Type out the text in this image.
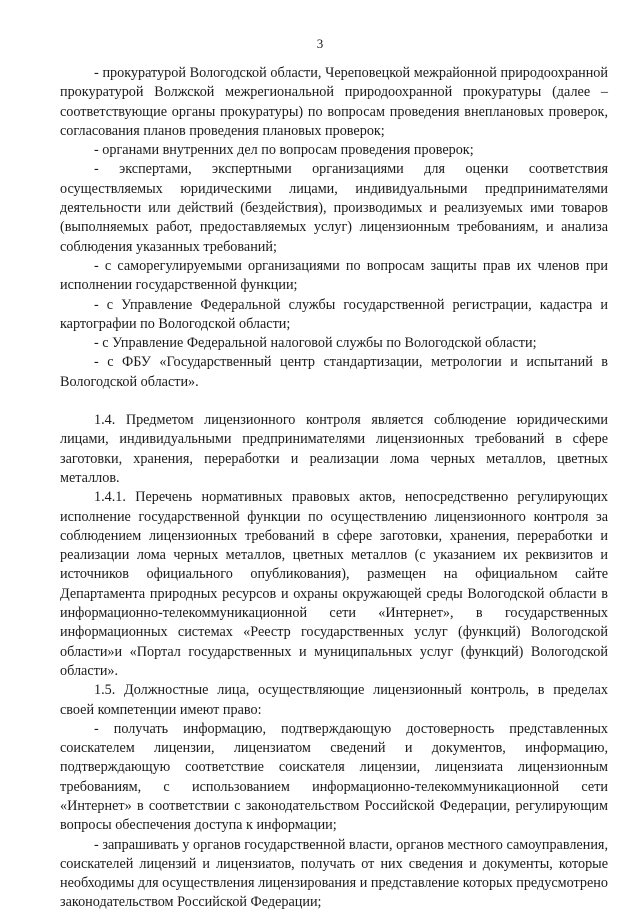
3

- прокуратурой Вологодской области, Череповецкой межрайонной природоохранной прокуратурой Волжской межрегиональной природоохранной прокуратуры (далее – соответствующие органы прокуратуры) по вопросам проведения внеплановых проверок, согласования планов проведения плановых проверок;

- органами внутренних дел по вопросам проведения проверок;

- экспертами, экспертными организациями для оценки соответствия осуществляемых юридическими лицами, индивидуальными предпринимателями деятельности или действий (бездействия), производимых и реализуемых ими товаров (выполняемых работ, предоставляемых услуг) лицензионным требованиям, и анализа соблюдения указанных требований;

- с саморегулируемыми организациями по вопросам защиты прав их членов при исполнении государственной функции;

- с Управление Федеральной службы государственной регистрации, кадастра и картографии по Вологодской области;

- с Управление Федеральной налоговой службы по Вологодской области;

- с ФБУ «Государственный центр стандартизации, метрологии и испытаний в Вологодской области».

1.4. Предметом лицензионного контроля является соблюдение юридическими лицами, индивидуальными предпринимателями лицензионных требований в сфере заготовки, хранения, переработки и реализации лома черных металлов, цветных металлов.

1.4.1. Перечень нормативных правовых актов, непосредственно регулирующих исполнение государственной функции по осуществлению лицензионного контроля за соблюдением лицензионных требований в сфере заготовки, хранения, переработки и реализации лома черных металлов, цветных металлов (с указанием их реквизитов и источников официального опубликования), размещен на официальном сайте Департамента природных ресурсов и охраны окружающей среды Вологодской области в информационно-телекоммуникационной сети «Интернет», в государственных информационных системах «Реестр государственных услуг (функций) Вологодской области»и «Портал государственных и муниципальных услуг (функций) Вологодской области».

1.5. Должностные лица, осуществляющие лицензионный контроль, в пределах своей компетенции имеют право:

- получать информацию, подтверждающую достоверность представленных соискателем лицензии, лицензиатом сведений и документов, информацию, подтверждающую соответствие соискателя лицензии, лицензиата лицензионным требованиям, с использованием информационно-телекоммуникационной сети «Интернет» в соответствии с законодательством Российской Федерации, регулирующим вопросы обеспечения доступа к информации;

- запрашивать у органов государственной власти, органов местного самоуправления, соискателей лицензий и лицензиатов, получать от них сведения и документы, которые необходимы для осуществления лицензирования и представление которых предусмотрено законодательством Российской Федерации;
